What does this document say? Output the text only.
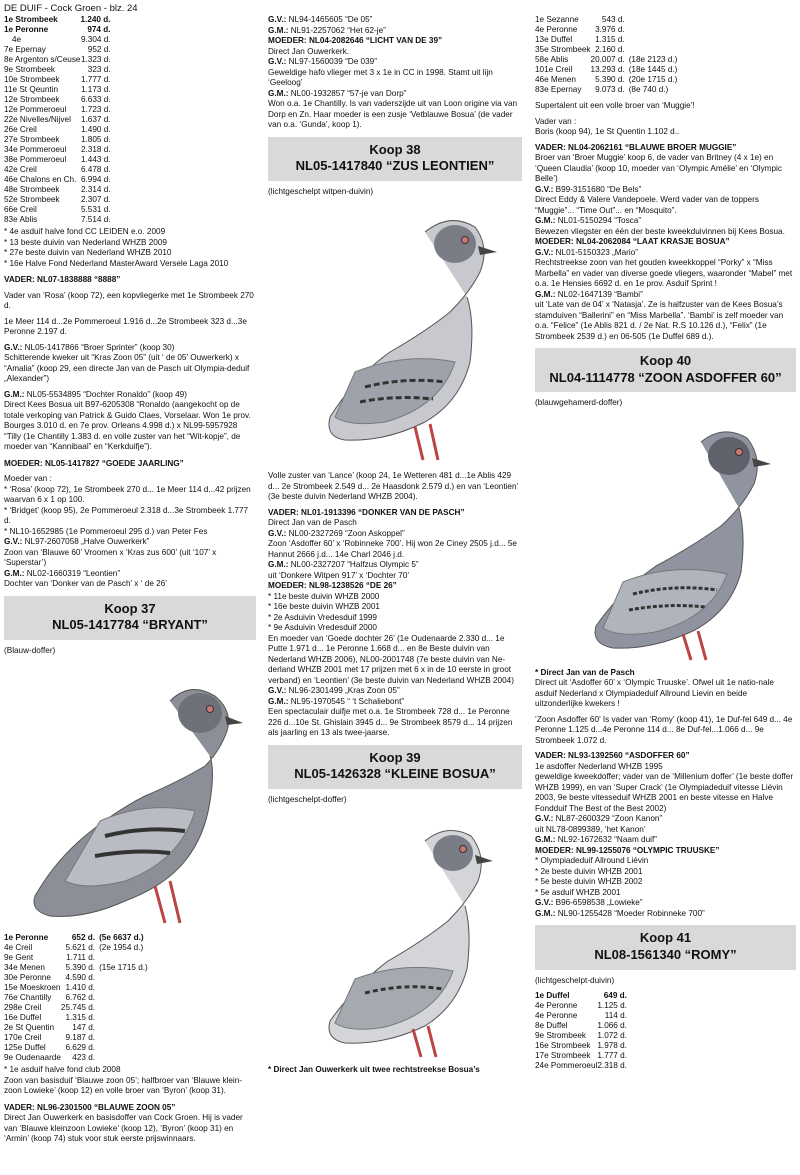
DE DUIF - Cock Groen - blz. 24
1e Strombeek	1.240 d.
1e Peronne	974 d.
4e	9.304 d.
7e Epernay	952 d.
8e Argenton s/Ceuse	1.323 d.
9e Strombeek	323 d.
10e Strombeek	1.777 d.
11e St Qeuntin	1.173 d.
12e Strombeek	6.633 d.
12e Pommeroeul	1.723 d.
22e Nivelles/Nijvel	1.637 d.
26e Creil	1.490 d.
27e Strombeek	1.805 d.
34e Pommeroeul	2.318 d.
38e Pommeroeul	1.443 d.
42e Creil	6.478 d.
46e Chalons en Ch.	6.994 d.
48e Strombeek	2.314 d.
52e Strombeek	2.307 d.
66e Creil	5.531 d.
83e Ablis	7.514 d.
* 4e asduif halve fond CC LEIDEN e.o. 2009
* 13 beste duivin van Nederland WHZB 2009
* 27e beste duivin van Nederland WHZB 2010
* 16e Halve Fond Nederland MasterAward Versele Laga 2010

VADER: NL07-1838888 “8888”

Vader van ‘Rosa’ (koop 72), een kopvliegerke met 1e Strombeek 270 d.

1e Meer 114 d...2e Pommeroeul 1.916 d...2e Strombeek 323 d...3e Peronne 2.197 d.

G.V.: NL05-1417866 “Broer Sprinter” (koop 30)
Schitterende kweker uit “Kras Zoon 05” (uit ‘ de 05’ Ouwerkerk) x “Amalia” (koop 29, een directe Jan van de Pasch uit Olympia-deduif „Alexander”)

G.M.: NL05-5534895 “Dochter Ronaldo” (koop 49)
Direct Kees Bosua uit B97-6205308 “Ronaldo (aangekocht op de totale verkoping van Patrick & Guido Claes, Vorselaar. Won 1e prov. Bourges 3.010 d. en 7e prov. Orleans 4.998 d.) x NL99-5957928 “Tilly (1e Chantilly 1.383 d. en volle zuster van het “Wit-kopje”, de moeder van “Kannibaal” en “Kerkduifje”).

MOEDER: NL05-1417827 “GOEDE JAARLING”

Moeder van :

* ‘Rosa’ (koop 72), 1e Strombeek 270 d... 1e Meer 114 d...42 prijzen waarvan 6 x 1 op 100.
* ‘Bridget’ (koop 95), 2e Pommeroeul 2.318 d...3e Strombeek 1.777 d.
* NL10-1652985 (1e Pommeroeul 295 d.) van Peter Fes

G.V.: NL97-2607058 „Halve Ouwerkerk”
Zoon van ‘Blauwe 60’ Vroomen x ‘Kras zus 600’ (uit ‘107’ x ‘Superstar’)

G.M.: NL02-1660319 “Leontien”
Dochter van ‘Donker van de Pasch’ x ‘ de 26’

Koop 37
NL05-1417784 “BRYANT”

(Blauw-doffer)

1e Peronne	652 d.	(5e 6637 d.)
4e Creil	5.621 d.	(2e 1954 d.)
9e Gent	1.711 d.	
34e Menen	5.390 d.	(15e 1715 d.)
30e Peronne	4.590 d.	
15e Moeskroen	1.410 d.	
76e Chantilly	6.762 d.	
298e Creil	25.745 d.	
16e Duffel	1.315 d.	
2e St Quentin	147 d.	
170e Creil	9.187 d.	
125e Duffel	6.629 d.	
9e Oudenaarde	423 d.	

* 1e asduif halve fond club 2008

Zoon van basisduif ‘Blauwe zoon 05’; halfbroer van ‘Blauwe klein-zoon Lowieke’ (koop 12) en volle broer van ‘Byron’ (koop 31).

VADER: NL96-2301500 “BLAUWE ZOON 05”

Direct Jan Ouwerkerk en basisdoffer van Cock Groen. Hij is vader van ‘Blauwe kleinzoon Lowieke’ (koop 12), ‘Byron’ (koop 31) en ‘Armin’ (koop 74) stuk voor stuk eerste prijswinnaars.

G.V.: NL94-1465605 “De 05”

G.M.: NL91-2257062 “Het 62-je”

MOEDER: NL04-2082646 “LICHT VAN DE 39”

Direct Jan Ouwerkerk.

G.V.: NL97-1560039 “De 039”

Geweldige hafo vlieger met 3 x 1e in CC in 1998. Stamt uit lijn ‘Geeloog’

G.M.: NL00-1932857 “57-je van Dorp”

Won o.a. 1e Chantilly. Is van vaderszijde uit van Loon origine via van Dorp en Zn. Haar moeder is een zusje ‘Vetblauwe Bosua’ (de vader van o.a. ‘Gunda’, koop 1).

Koop 38
NL05-1417840 “ZUS LEONTIEN”

(lichtgeschelpt witpen-duivin)

Volle zuster van ‘Lance’ (koop 24, 1e Wetteren 481 d...1e Ablis 429 d... 2e Strombeek 2.549 d... 2e Haasdonk 2.579 d.) en van ‘Leontien’ (3e beste duivin Nederland WHZB 2004).

VADER: NL01-1913396 “DONKER VAN DE PASCH”

Direct Jan van de Pasch

G.V.: NL00-2327269 “Zoon Askoppel”
Zoon ‘Asdoffer 60’ x ‘Robinneke 700’. Hij won 2e Ciney 2505 j.d... 5e Hannut 2666 j.d... 14e Charl 2046 j.d.

G.M.: NL00-2327207 “Halfzus Olympic 5”
uit ‘Donkere Witpen 917’ x ‘Dochter 70’

MOEDER: NL98-1238526 “DE 26”

* 11e beste duivin WHZB 2000
* 16e beste duivin WHZB 2001
* 2e Asduivin Vredesduif 1999
* 9e Asduivin Vredesduif 2000

En moeder van ‘Goede dochter 26’ (1e Oudenaarde 2.330 d... 1e Putte 1.971 d... 1e Peronne 1.668 d... en 8e Beste duivin van Nederland WHZB 2006), NL00-2001748 (7e beste duivin van Ne-derland WHZB 2001 met 17 prijzen met 6 x in de 10 eerste in groot verband) en ‘Leontien’ (3e beste duivin van Nederland WHZB 2004)

G.V.: NL96-2301499 „Kras Zoon 05”

G.M.: NL95-1970545 “ ‘t Schaliebont”

Een spectaculair duifje met o.a. 1e Strombeek 728 d... 1e Peronne 226 d...10e St. Ghislain 3945 d... 9e Strombeek 8579 d... 14 prijzen als jaarling en 13 als twee-jaarse.

Koop 39
NL05-1426328 “KLEINE BOSUA”

(lichtgeschelpt-doffer)

* Direct Jan Ouwerkerk uit twee rechtstreekse Bosua’s

1e Sezanne	543 d.	
4e Peronne	3.976 d.	
13e Duffel	1.315 d.	
35e Strombeek	2.160 d.	
58e Ablis	20.007 d.	(18e 2123 d.)
101e Creil	13.293 d.	(18e 1445 d.)
46e Menen	5.390 d.	(20e 1715 d.)
83e Epernay	9.073 d.	(8e 740 d.)

Supertalent uit een volle broer van ‘Muggie’!

Vader van :
Boris (koop 94), 1e St Quentin 1.102 d..

VADER: NL04-2062161 “BLAUWE BROER MUGGIE”

Broer van ‘Broer Muggie’ koop 6, de vader van Britney (4 x 1e) en ‘Queen Claudia’ (koop 10, moeder van ‘Olympic Amélie’ en ‘Olympic Belle’)

G.V.: B99-3151680 “De Bels”
Direct Eddy & Valere Vandepoele. Werd vader van de toppers “Muggie”... “Time Out”... en “Mosquito”.

G.M.: NL01-5150294 “Tosca”
Bewezen vliegster en één der beste kweekduivinnen bij Kees Bosua.

MOEDER: NL04-2062084 “LAAT KRASJE BOSUA”

G.V.: NL01-5150323 „Mario”
Rechtstreekse zoon van het gouden kweekkoppel “Porky” x “Miss Marbella” en vader van diverse goede vliegers, waaronder “Mabel” met o.a. 1e Hensies 6692 d. en 1e prov. Asduif Sprint !

G.M.: NL02-1647139 “Bambi”
uit ‘Late van de 04’ x ‘Natasja’. Ze is halfzuster van de Kees Bosua’s stamduiven “Ballerini” en “Miss Marbella”. ‘Bambi’ is zelf moeder van o.a. “Felice” (1e Ablis 821 d. / 2e Nat. R.S 10.126 d.), “Felix” (1e Strombeek 2539 d.) en 06-505 (1e Duffel 689 d.).

Koop 40
NL04-1114778 “ZOON ASDOFFER 60”

(blauwgehamerd-doffer)

* Direct Jan van de Pasch

Direct uit ‘Asdoffer 60’ x ‘Olympic Truuske’. Ofwel uit 1e natio-nale asduif Nederland x Olympiadeduif Allround Lievin en beide uitzonderlijke kwekers !

‘Zoon Asdoffer 60’ Is vader van ‘Romy’ (koop 41), 1e Duf-fel 649 d... 4e Peronne 1.125 d...4e Peronne 114 d... 8e Duf-fel...1.066 d... 9e Strombeek 1.072 d.

VADER: NL93-1392560 “ASDOFFER 60”

1e asdoffer Nederland WHZB 1995

geweldige kweekdoffer; vader van de ‘Millenium doffer’ (1e beste doffer WHZB 1999), en van ‘Super Crack’ (1e Olympiadeduif vitesse Liévin 2003, 9e beste vitesseduif WHZB 2001 en beste vitesse en Halve Fondduif The Best of the Best 2002)

G.V.: NL87-2600329 “Zoon Kanon”
uit NL78-0899389, ‘het Kanon’

G.M.: NL92-1672632 “Naam duif”

MOEDER: NL99-1255076 “OLYMPIC TRUUSKE”

* Olympiadeduif Allround Liévin
* 2e beste duivin WHZB 2001
* 5e beste duivin WHZB 2002
* 5e asduif WHZB 2001

G.V.: B96-6598538 „Lowieke”

G.M.: NL90-1255428 “Moeder Robinneke 700”

Koop 41
NL08-1561340 “ROMY”

(lichtgeschelpt-duivin)

1e Duffel	649 d.
4e Peronne	1.125 d.
4e Peronne	114 d.
8e Duffel	1.066 d.
9e Strombeek	1.072 d.
16e Strombeek	1.978 d.
17e Strombeek	1.777 d.
24e Pommeroeul	2.318 d.
